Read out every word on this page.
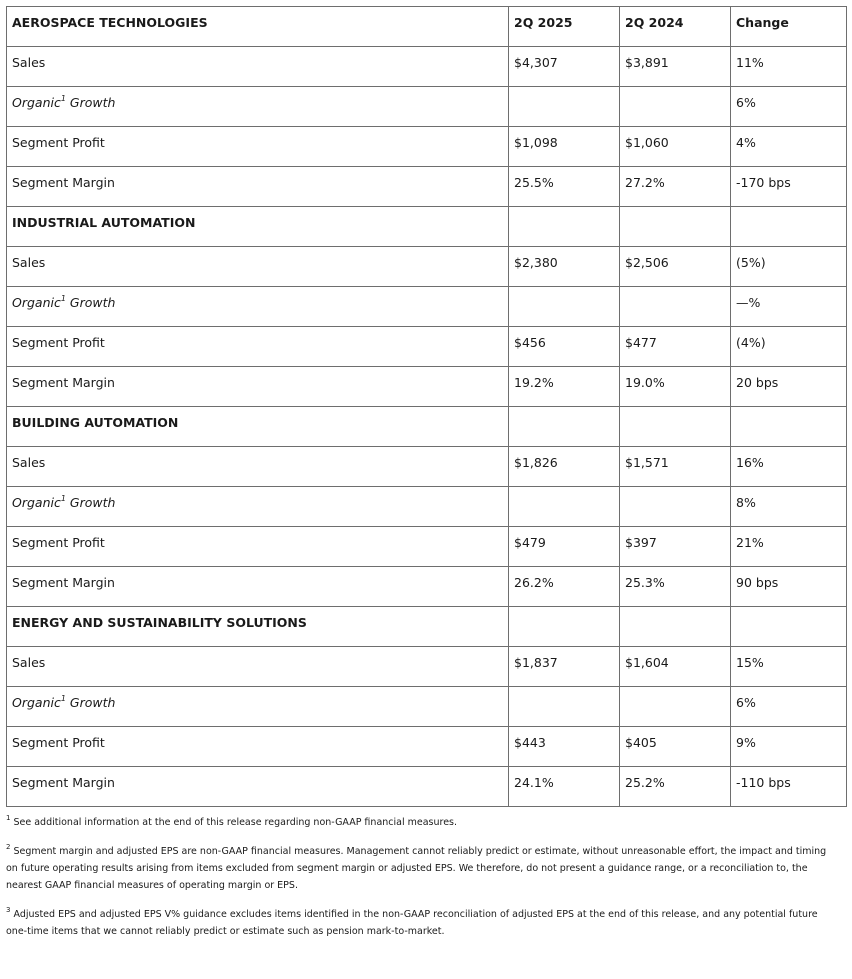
AEROSPACE TECHNOLOGIES	2Q 2025	2Q 2024	Change
Sales	$4,307	$3,891	11%
Organic$^1$ Growth			6%
Segment Profit	$1,098	$1,060	4%
Segment Margin	25.5%	27.2%	-170 bps
INDUSTRIAL AUTOMATION			
Sales	$2,380	$2,506	(5%)
Organic$^1$ Growth			—%
Segment Profit	$456	$477	(4%)
Segment Margin	19.2%	19.0%	20 bps
BUILDING AUTOMATION			
Sales	$1,826	$1,571	16%
Organic$^1$ Growth			8%
Segment Profit	$479	$397	21%
Segment Margin	26.2%	25.3%	90 bps
ENERGY AND SUSTAINABILITY SOLUTIONS			
Sales	$1,837	$1,604	15%
Organic$^1$ Growth			6%
Segment Profit	$443	$405	9%
Segment Margin	24.1%	25.2%	-110 bps
$^1$ See additional information at the end of this release regarding non-GAAP financial measures.
$^2$ Segment margin and adjusted EPS are non-GAAP financial measures. Management cannot reliably predict or estimate, without unreasonable effort, the impact and timing on future operating results arising from items excluded from segment margin or adjusted EPS. We therefore, do not present a guidance range, or a reconciliation to, the nearest GAAP financial measures of operating margin or EPS.
$^3$ Adjusted EPS and adjusted EPS V% guidance excludes items identified in the non-GAAP reconciliation of adjusted EPS at the end of this release, and any potential future one-time items that we cannot reliably predict or estimate such as pension mark-to-market.
